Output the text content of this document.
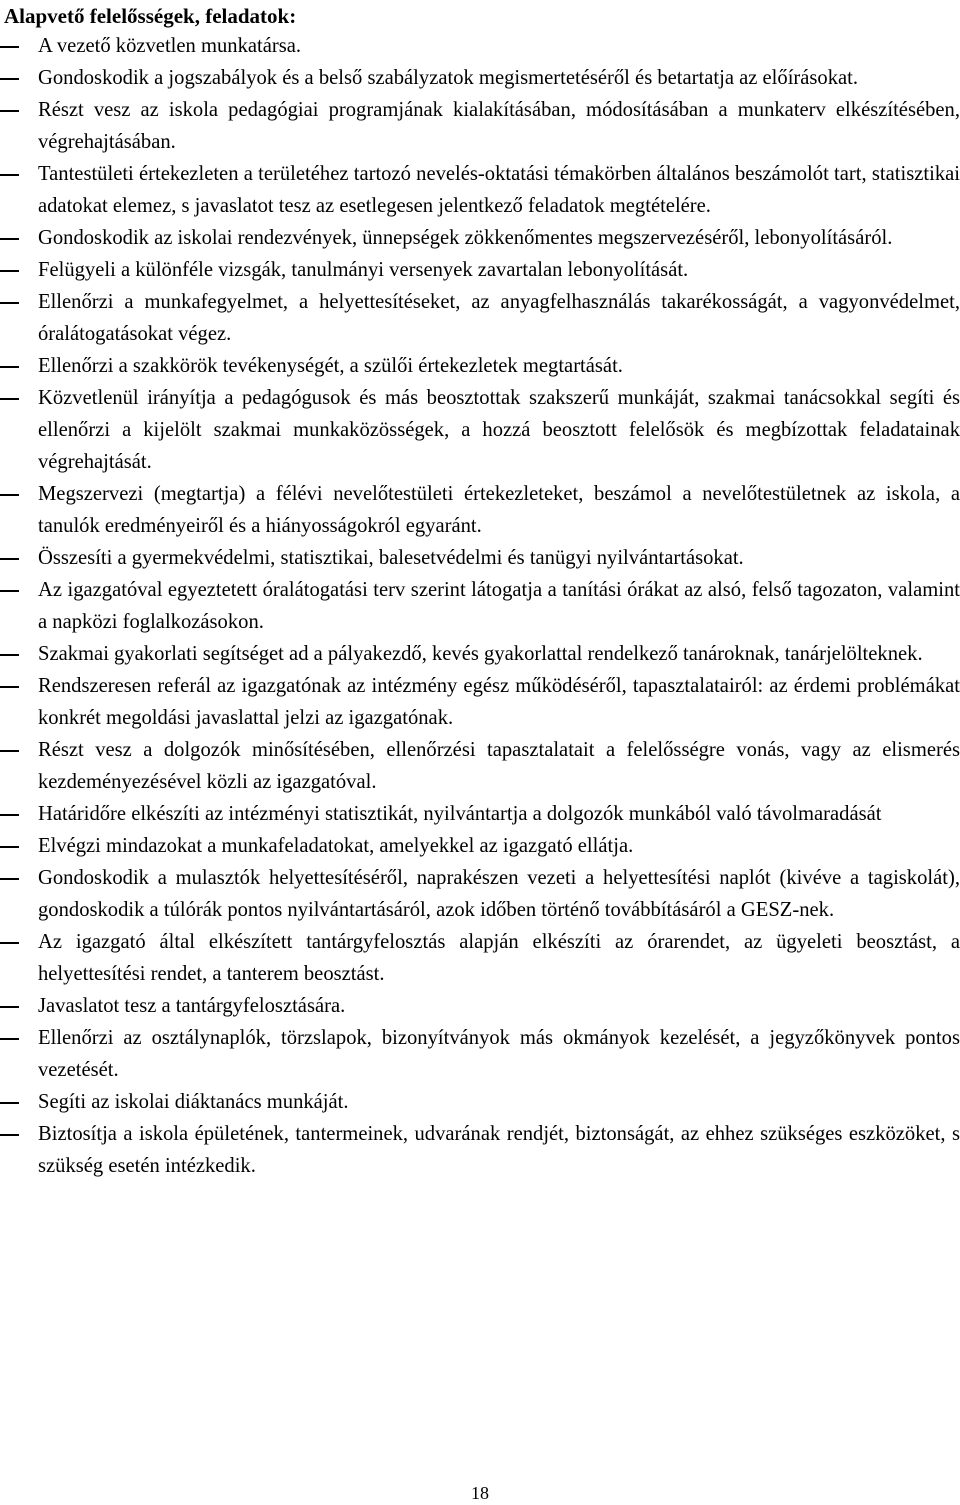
Alapvető felelősségek, feladatok:
A vezető közvetlen munkatársa.
Gondoskodik a jogszabályok és a belső szabályzatok megismertetéséről és betartatja az előírásokat.
Részt vesz az iskola pedagógiai programjának kialakításában, módosításában a munkaterv elkészítésében, végrehajtásában.
Tantestületi értekezleten a területéhez tartozó nevelés-oktatási témakörben általános beszámolót tart, statisztikai adatokat elemez, s javaslatot tesz az esetlegesen jelentkező feladatok megtételére.
Gondoskodik az iskolai rendezvények, ünnepségek zökkenőmentes megszervezéséről, lebonyolításáról.
Felügyeli a különféle vizsgák, tanulmányi versenyek zavartalan lebonyolítását.
Ellenőrzi a munkafegyelmet, a helyettesítéseket, az anyagfelhasználás takarékosságát, a vagyonvédelmet, óralátogatásokat végez.
Ellenőrzi a szakkörök tevékenységét, a szülői értekezletek megtartását.
Közvetlenül irányítja a pedagógusok és más beosztottak szakszerű munkáját, szakmai tanácsokkal segíti és ellenőrzi a kijelölt szakmai munkaközösségek, a hozzá beosztott felelősök és megbízottak feladatainak végrehajtását.
Megszervezi (megtartja) a félévi nevelőtestületi értekezleteket, beszámol a nevelőtestületnek az iskola, a tanulók eredményeiről és a hiányosságokról egyaránt.
Összesíti a gyermekvédelmi, statisztikai, balesetvédelmi és tanügyi nyilvántartásokat.
Az igazgatóval egyeztetett óralátogatási terv szerint látogatja a tanítási órákat az alsó, felső tagozaton, valamint a napközi foglalkozásokon.
Szakmai gyakorlati segítséget ad a pályakezdő, kevés gyakorlattal rendelkező tanároknak, tanárjelölteknek.
Rendszeresen referál az igazgatónak az intézmény egész működéséről, tapasztalatairól: az érdemi problémákat konkrét megoldási javaslattal jelzi az igazgatónak.
Részt vesz a dolgozók minősítésében, ellenőrzési tapasztalatait a felelősségre vonás, vagy az elismerés kezdeményezésével közli az igazgatóval.
Határidőre elkészíti az intézményi statisztikát, nyilvántartja a dolgozók munkából való távolmaradását
Elvégzi mindazokat a munkafeladatokat, amelyekkel az igazgató ellátja.
Gondoskodik a mulasztók helyettesítéséről, naprakészen vezeti a helyettesítési naplót (kivéve a tagiskolát), gondoskodik a túlórák pontos nyilvántartásáról, azok időben történő továbbításáról a GESZ-nek.
Az igazgató által elkészített tantárgyfelosztás alapján elkészíti az órarendet, az ügyeleti beosztást, a helyettesítési rendet, a tanterem beosztást.
Javaslatot tesz a tantárgyfelosztására.
Ellenőrzi az osztálynaplók, törzslapok, bizonyítványok más okmányok kezelését, a jegyzőkönyvek pontos vezetését.
Segíti az iskolai diáktanács munkáját.
Biztosítja a iskola épületének, tantermeinek, udvarának rendjét, biztonságát, az ehhez szükséges eszközöket, s szükség esetén intézkedik.
18
